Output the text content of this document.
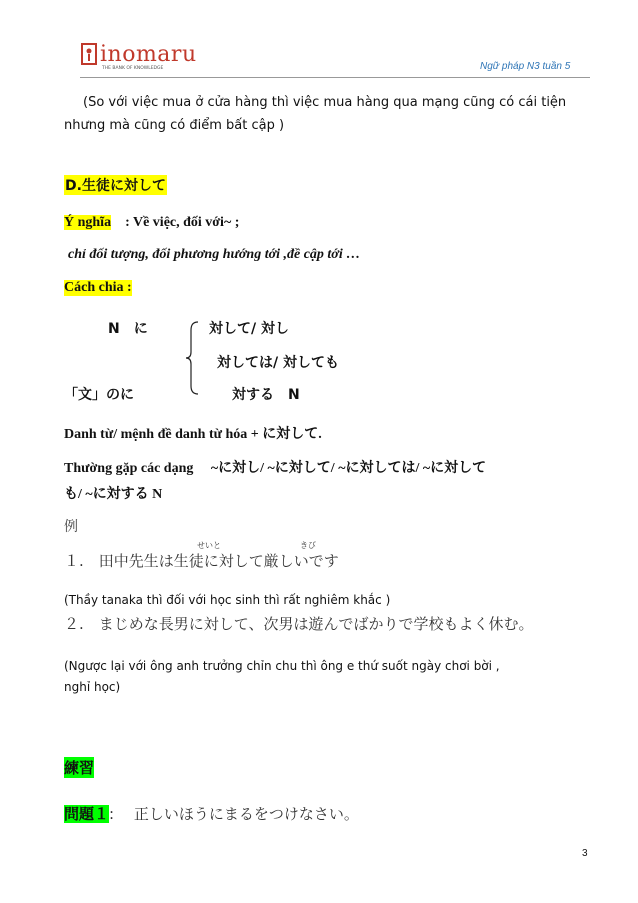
inomaru
THE BANK OF KNOWLEDGE	Ngữ pháp N3 tuần 5
(So với việc mua ở cửa hàng thì việc mua hàng qua mạng cũng có cái tiện
nhưng mà cũng có điểm bất cập )
D.生徒に対して
Ý nghĩa　: Về việc, đối với~ ;
chỉ đối tượng, đối phương hướng tới ,đề cập tới …
Cách chia :
N　に	対して/ 対し
対しては/ 対しても
「文」のに	対する　N
Danh từ/ mệnh đề danh từ hóa + に対して.
Thường gặp các dạng　 ~に対し/ ~に対して/ ~に対しては/ ~に対して
も/ ~に対する N
例
せいと	きび
１.　田中先生は生徒に対して厳しいです
(Thầy tanaka thì đối với học sinh thì rất nghiêm khắc )
２.　まじめな長男に対して、次男は遊んでばかりで学校もよく休む。
(Ngược lại với ông anh trưởng chỉn chu thì ông e thứ suốt ngày chơi bời ,
nghỉ học)
練習
問題１:　 正しいほうにまるをつけなさい。
3
